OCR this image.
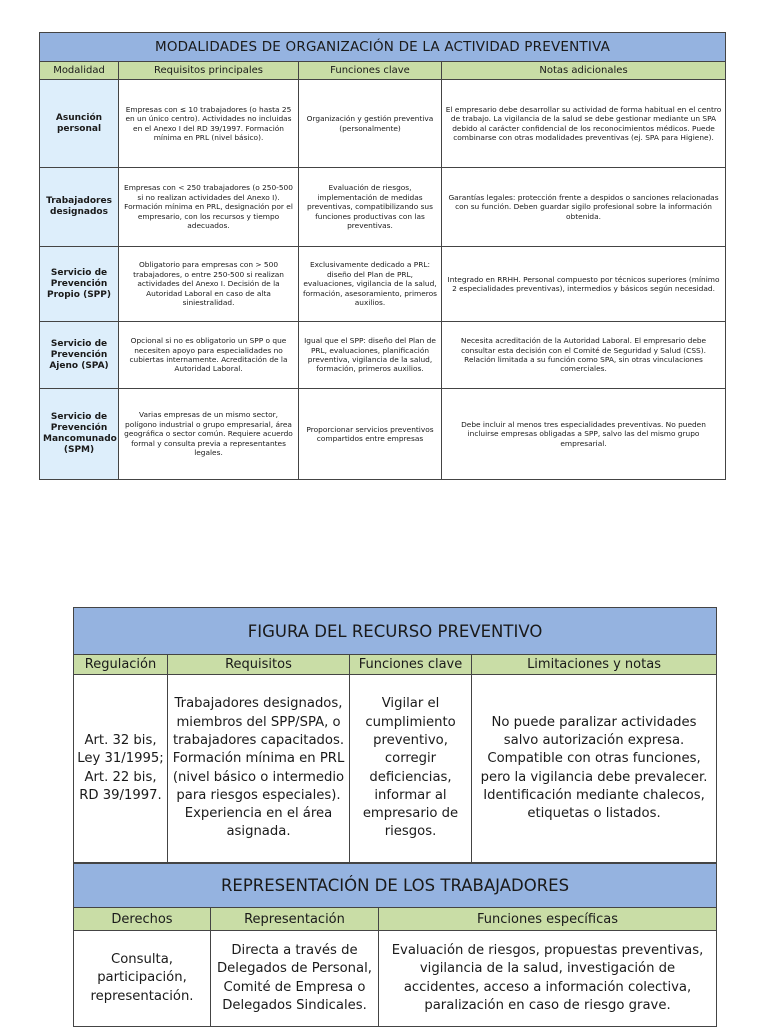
MODALIDADES DE ORGANIZACIÓN DE LA ACTIVIDAD PREVENTIVA			
Modalidad	Requisitos principales	Funciones clave	Notas adicionales
Asunción personal	Empresas con ≤ 10 trabajadores (o hasta 25 en un único centro). Actividades no incluidas en el Anexo I del RD 39/1997. Formación mínima en PRL (nivel básico).	Organización y gestión preventiva (personalmente)	El empresario debe desarrollar su actividad de forma habitual en el centro de trabajo. La vigilancia de la salud se debe gestionar mediante un SPA debido al carácter confidencial de los reconocimientos médicos. Puede combinarse con otras modalidades preventivas (ej. SPA para Higiene).
Trabajadores designados	Empresas con < 250 trabajadores (o 250-500 si no realizan actividades del Anexo I). Formación mínima en PRL, designación por el empresario, con los recursos y tiempo adecuados.	Evaluación de riesgos, implementación de medidas preventivas, compatibilizando sus funciones productivas con las preventivas.	Garantías legales: protección frente a despidos o sanciones relacionadas con su función. Deben guardar sigilo profesional sobre la información obtenida.
Servicio de Prevención Propio (SPP)	Obligatorio para empresas con > 500 trabajadores, o entre 250-500 si realizan actividades del Anexo I. Decisión de la Autoridad Laboral en caso de alta siniestralidad.	Exclusivamente dedicado a PRL: diseño del Plan de PRL, evaluaciones, vigilancia de la salud, formación, asesoramiento, primeros auxilios.	Integrado en RRHH. Personal compuesto por técnicos superiores (mínimo 2 especialidades preventivas), intermedios y básicos según necesidad.
Servicio de Prevención Ajeno (SPA)	Opcional si no es obligatorio un SPP o que necesiten apoyo para especialidades no cubiertas internamente. Acreditación de la Autoridad Laboral.	Igual que el SPP: diseño del Plan de PRL, evaluaciones, planificación preventiva, vigilancia de la salud, formación, primeros auxilios.	Necesita acreditación de la Autoridad Laboral. El empresario debe consultar esta decisión con el Comité de Seguridad y Salud (CSS). Relación limitada a su función como SPA, sin otras vinculaciones comerciales.
Servicio de Prevención Mancomunado (SPM)	Varias empresas de un mismo sector, polígono industrial o grupo empresarial, área geográfica o sector común. Requiere acuerdo formal y consulta previa a representantes legales.	Proporcionar servicios preventivos compartidos entre empresas	Debe incluir al menos tres especialidades preventivas. No pueden incluirse empresas obligadas a SPP, salvo las del mismo grupo empresarial.
FIGURA DEL RECURSO PREVENTIVO			
Regulación	Requisitos	Funciones clave	Limitaciones y notas
Art. 32 bis, Ley 31/1995; Art. 22 bis, RD 39/1997.	Trabajadores designados, miembros del SPP/SPA, o trabajadores capacitados. Formación mínima en PRL (nivel básico o intermedio para riesgos especiales). Experiencia en el área asignada.	Vigilar el cumplimiento preventivo, corregir deficiencias, informar al empresario de riesgos.	No puede paralizar actividades salvo autorización expresa. Compatible con otras funciones, pero la vigilancia debe prevalecer. Identificación mediante chalecos, etiquetas o listados.
REPRESENTACIÓN DE LOS TRABAJADORES		
Derechos	Representación	Funciones específicas
Consulta, participación, representación.	Directa a través de Delegados de Personal, Comité de Empresa o Delegados Sindicales.	Evaluación de riesgos, propuestas preventivas, vigilancia de la salud, investigación de accidentes, acceso a información colectiva, paralización en caso de riesgo grave.
